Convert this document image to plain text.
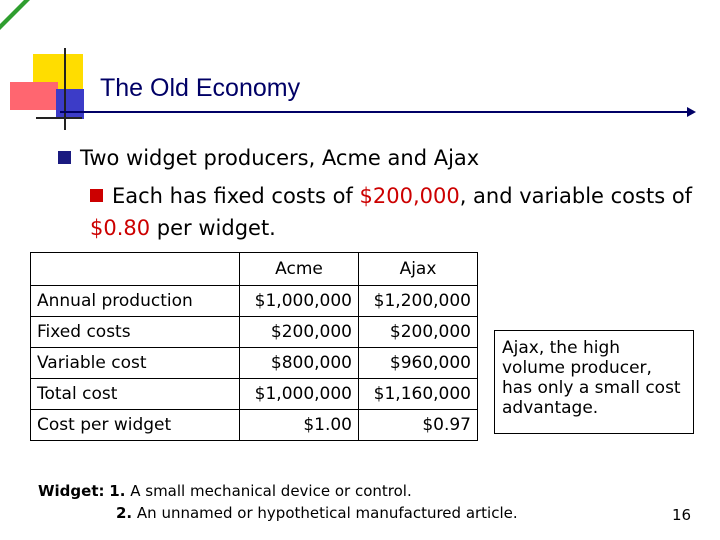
The Old Economy
Two widget producers, Acme and Ajax
Each has fixed costs of $200,000, and variable costs of $0.80 per widget.
	Acme	Ajax
Annual production	$1,000,000	$1,200,000
Fixed costs	$200,000	$200,000
Variable cost	$800,000	$960,000
Total cost	$1,000,000	$1,160,000
Cost per widget	$1.00	$0.97
Ajax, the high volume producer, has only a small cost advantage.
Widget: 1. A small mechanical device or control.
2. An unnamed or hypothetical manufactured article.	16
